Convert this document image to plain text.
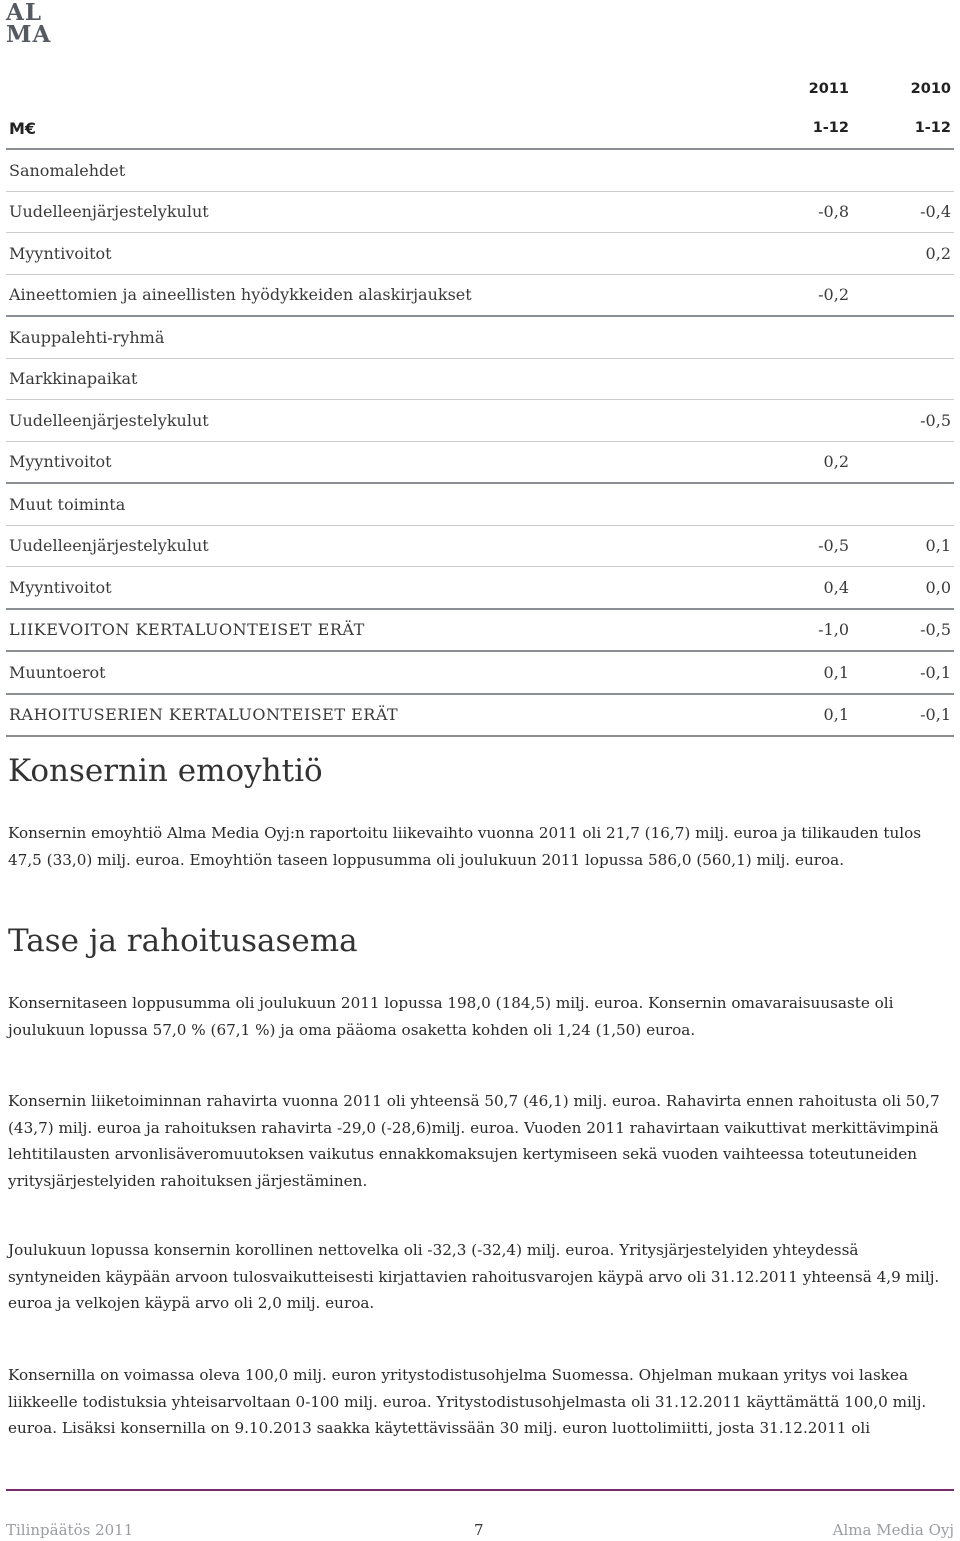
AL
MA
	2011	2010
M€	1-12	1-12
Sanomalehdet		
Uudelleenjärjestelykulut	-0,8	-0,4
Myyntivoitot		0,2
Aineettomien ja aineellisten hyödykkeiden alaskirjaukset	-0,2	
Kauppalehti-ryhmä		
Markkinapaikat		
Uudelleenjärjestelykulut		-0,5
Myyntivoitot	0,2	
Muut toiminta		
Uudelleenjärjestelykulut	-0,5	0,1
Myyntivoitot	0,4	0,0
LIIKEVOITON KERTALUONTEISET ERÄT	-1,0	-0,5
Muuntoerot	0,1	-0,1
RAHOITUSERIEN KERTALUONTEISET ERÄT	0,1	-0,1
Konsernin emoyhtiö

Konsernin emoyhtiö Alma Media Oyj:n raportoitu liikevaihto vuonna 2011 oli 21,7 (16,7) milj. euroa ja tilikauden tulos 47,5 (33,0) milj. euroa. Emoyhtiön taseen loppusumma oli joulukuun 2011 lopussa 586,0 (560,1) milj. euroa.

Tase ja rahoitusasema

Konsernitaseen loppusumma oli joulukuun 2011 lopussa 198,0 (184,5) milj. euroa. Konsernin omavaraisuusaste oli joulukuun lopussa 57,0 % (67,1 %) ja oma pääoma osaketta kohden oli 1,24 (1,50) euroa.

Konsernin liiketoiminnan rahavirta vuonna 2011 oli yhteensä 50,7 (46,1) milj. euroa. Rahavirta ennen rahoitusta oli 50,7 (43,7) milj. euroa ja rahoituksen rahavirta -29,0 (-28,6)milj. euroa. Vuoden 2011 rahavirtaan vaikuttivat merkittävimpinä lehtitilausten arvonlisäveromuutoksen vaikutus ennakkomaksujen kertymiseen sekä vuoden vaihteessa toteutuneiden yritysjärjestelyiden rahoituksen järjestäminen.

Joulukuun lopussa konsernin korollinen nettovelka oli -32,3 (-32,4) milj. euroa. Yritysjärjestelyiden yhteydessä syntyneiden käypään arvoon tulosvaikutteisesti kirjattavien rahoitusvarojen käypä arvo oli 31.12.2011 yhteensä 4,9 milj. euroa ja velkojen käypä arvo oli 2,0 milj. euroa.

Konsernilla on voimassa oleva 100,0 milj. euron yritystodistusohjelma Suomessa. Ohjelman mukaan yritys voi laskea liikkeelle todistuksia yhteisarvoltaan 0-100 milj. euroa. Yritystodistusohjelmasta oli 31.12.2011 käyttämättä 100,0 milj. euroa. Lisäksi konsernilla on 9.10.2013 saakka käytettävissään 30 milj. euron luottolimiitti, josta 31.12.2011 oli

Tilinpäätös 2011	7	Alma Media Oyj
